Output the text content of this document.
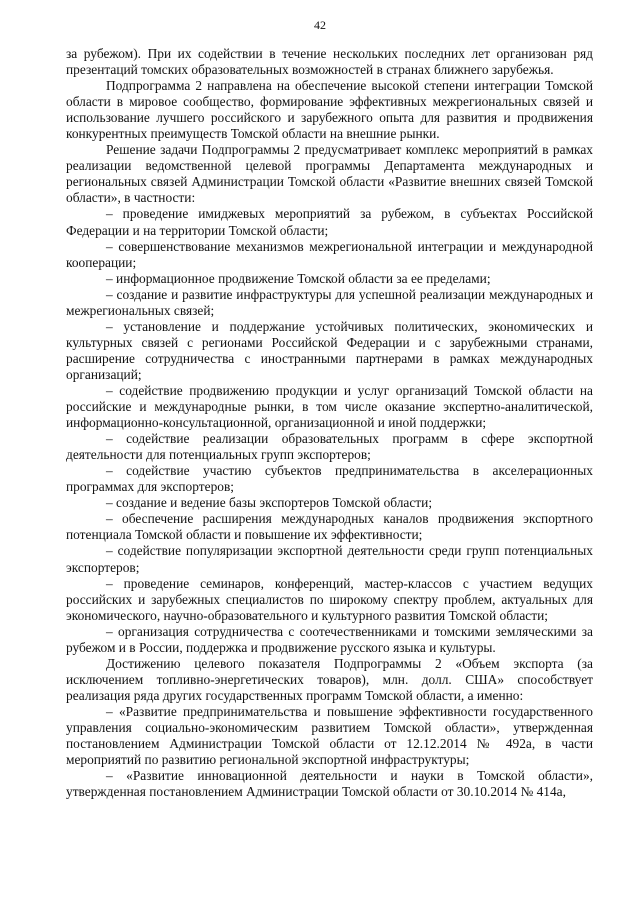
42

за рубежом). При их содействии в течение нескольких последних лет организован ряд презентаций томских образовательных возможностей в странах ближнего зарубежья.

Подпрограмма 2 направлена на обеспечение высокой степени интеграции Томской области в мировое сообщество, формирование эффективных межрегиональных связей и использование лучшего российского и зарубежного опыта для развития и продвижения конкурентных преимуществ Томской области на внешние рынки.

Решение задачи Подпрограммы 2 предусматривает комплекс мероприятий в рамках реализации ведомственной целевой программы Департамента международных и региональных связей Администрации Томской области «Развитие внешних связей Томской области», в частности:

– проведение имиджевых мероприятий за рубежом, в субъектах Российской Федерации и на территории Томской области;

– совершенствование механизмов межрегиональной интеграции и международной кооперации;

– информационное продвижение Томской области за ее пределами;

– создание и развитие инфраструктуры для успешной реализации международных и межрегиональных связей;

– установление и поддержание устойчивых политических, экономических и культурных связей с регионами Российской Федерации и с зарубежными странами, расширение сотрудничества с иностранными партнерами в рамках международных организаций;

– содействие продвижению продукции и услуг организаций Томской области на российские и международные рынки, в том числе оказание экспертно-аналитической, информационно-консультационной, организационной и иной поддержки;

– содействие реализации образовательных программ в сфере экспортной деятельности для потенциальных групп экспортеров;

– содействие участию субъектов предпринимательства в акселерационных программах для экспортеров;

– создание и ведение базы экспортеров Томской области;

– обеспечение расширения международных каналов продвижения экспортного потенциала Томской области и повышение их эффективности;

– содействие популяризации экспортной деятельности среди групп потенциальных экспортеров;

– проведение семинаров, конференций, мастер-классов с участием ведущих российских и зарубежных специалистов по широкому спектру проблем, актуальных для экономического, научно-образовательного и культурного развития Томской области;

– организация сотрудничества с соотечественниками и томскими земляческими за рубежом и в России, поддержка и продвижение русского языка и культуры.

Достижению целевого показателя Подпрограммы 2 «Объем экспорта (за исключением топливно-энергетических товаров), млн. долл. США» способствует реализация ряда других государственных программ Томской области, а именно:

– «Развитие предпринимательства и повышение эффективности государственного управления социально-экономическим развитием Томской области», утвержденная постановлением Администрации Томской области от 12.12.2014 № 492а, в части мероприятий по развитию региональной экспортной инфраструктуры;

– «Развитие инновационной деятельности и науки в Томской области», утвержденная постановлением Администрации Томской области от 30.10.2014 № 414а,
